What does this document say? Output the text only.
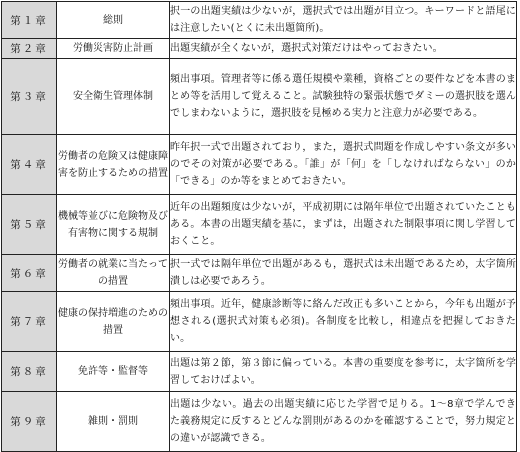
第１章	総則	択一の出題実績は少ないが，選択式では出題が目立つ。キーワードと語尾には注意したい(とくに未出題箇所)。
第２章	労働災害防止計画	出題実績が全くないが，選択式対策だけはやっておきたい。
第３章	安全衛生管理体制	頻出事項。管理者等に係る選任規模や業種，資格ごとの要件などを本書のまとめ等を活用して覚えること。試験独特の緊張状態でダミーの選択肢を選んでしまわないように，選択肢を見極める実力と注意力が必要である。
第４章	労働者の危険又は健康障害を防止するための措置	昨年択一式で出題されており，また，選択式問題を作成しやすい条文が多いのでその対策が必要である。「誰」が「何」を「しなければならない」のか「できる」のか等をまとめておきたい。
第５章	機械等並びに危険物及び有害物に関する規制	近年の出題頻度は少ないが，平成初期には隔年単位で出題されていたこともある。本書の出題実績を基に，まずは，出題された制限事項に関し学習しておくこと。
第６章	労働者の就業に当たっての措置	択一式では隔年単位で出題があるも，選択式は未出題であるため，太字箇所潰しは必要であろう。
第７章	健康の保持増進のための措置	頻出事項。近年，健康診断等に絡んだ改正も多いことから，今年も出題が予想される(選択式対策も必須)。各制度を比較し，相違点を把握しておきたい。
第８章	免許等・監督等	出題は第２節，第３節に偏っている。本書の重要度を参考に，太字箇所を学習しておけばよい。
第９章	雑則・罰則	出題は少ない。過去の出題実績に応じた学習で足りる。1～8章で学んできた義務規定に反するとどんな罰則があるのかを確認することで，努力規定との違いが認識できる。
